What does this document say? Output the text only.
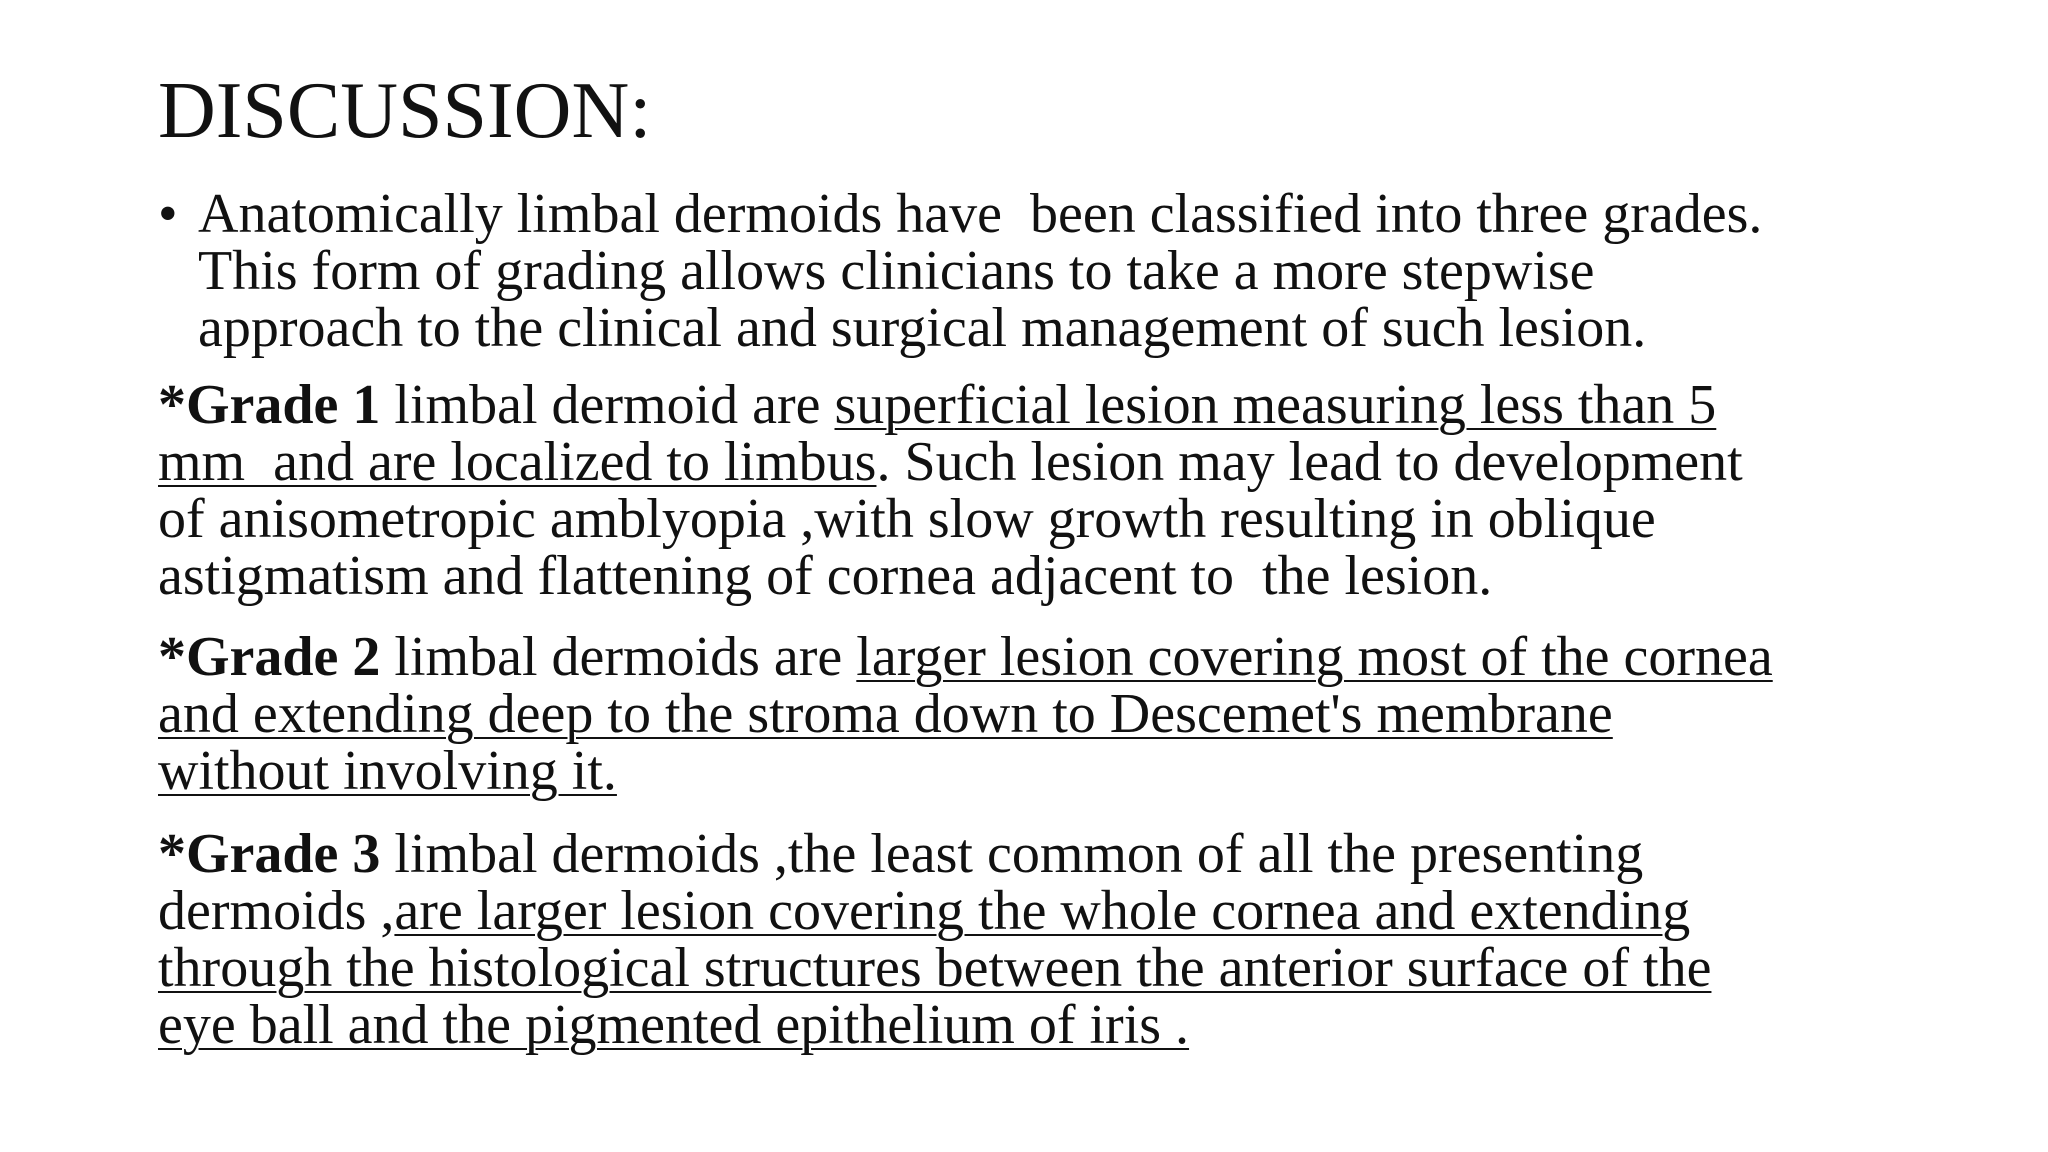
DISCUSSION:
• Anatomically limbal dermoids have  been classified into three grades.
This form of grading allows clinicians to take a more stepwise
approach to the clinical and surgical management of such lesion.
*Grade 1 limbal dermoid are superficial lesion measuring less than 5
mm  and are localized to limbus. Such lesion may lead to development
of anisometropic amblyopia ,with slow growth resulting in oblique
astigmatism and flattening of cornea adjacent to  the lesion.
*Grade 2 limbal dermoids are larger lesion covering most of the cornea
and extending deep to the stroma down to Descemet's membrane
without involving it.
*Grade 3 limbal dermoids ,the least common of all the presenting
dermoids ,are larger lesion covering the whole cornea and extending
through the histological structures between the anterior surface of the
eye ball and the pigmented epithelium of iris .
